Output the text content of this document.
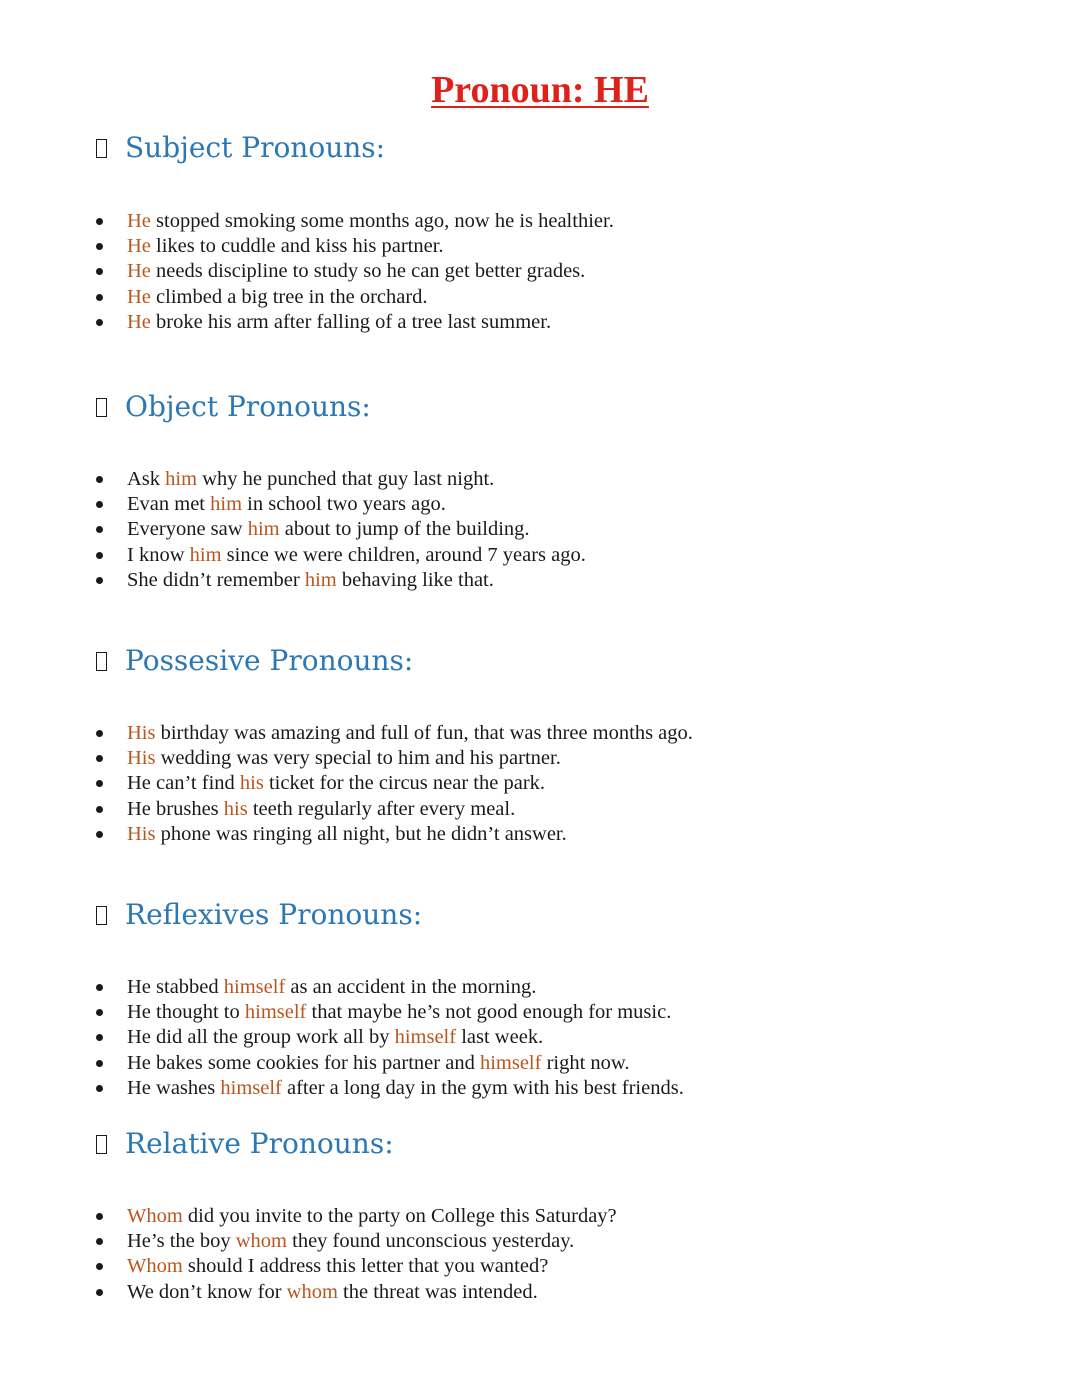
Pronoun: HE
Subject Pronouns:
He stopped smoking some months ago, now he is healthier.
He likes to cuddle and kiss his partner.
He needs discipline to study so he can get better grades.
He climbed a big tree in the orchard.
He broke his arm after falling of a tree last summer.
Object Pronouns:
Ask him why he punched that guy last night.
Evan met him in school two years ago.
Everyone saw him about to jump of the building.
I know him since we were children, around 7 years ago.
She didn’t remember him behaving like that.
Possesive Pronouns:
His birthday was amazing and full of fun, that was three months ago.
His wedding was very special to him and his partner.
He can’t find his ticket for the circus near the park.
He brushes his teeth regularly after every meal.
His phone was ringing all night, but he didn’t answer.
Reflexives Pronouns:
He stabbed himself as an accident in the morning.
He thought to himself that maybe he’s not good enough for music.
He did all the group work all by himself last week.
He bakes some cookies for his partner and himself right now.
He washes himself after a long day in the gym with his best friends.
Relative Pronouns:
Whom did you invite to the party on College this Saturday?
He’s the boy whom they found unconscious yesterday.
Whom should I address this letter that you wanted?
We don’t know for whom the threat was intended.
